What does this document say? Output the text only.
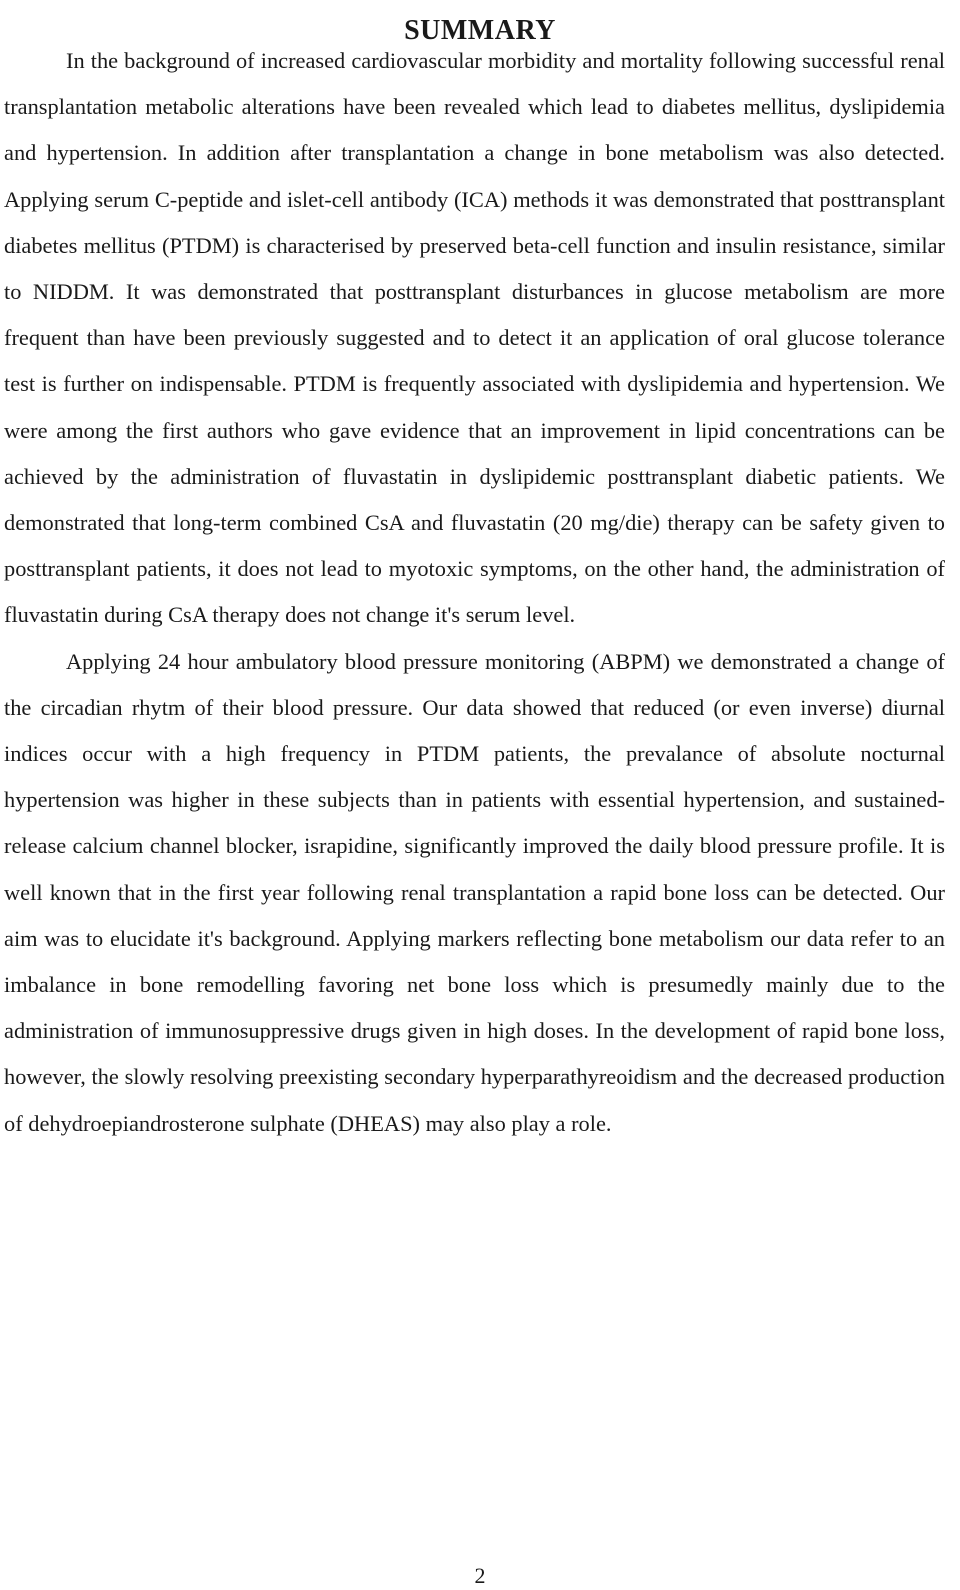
SUMMARY

In the background of increased cardiovascular morbidity and mortality following successful renal transplantation metabolic alterations have been revealed which lead to diabetes mellitus, dyslipidemia and hypertension. In addition after transplantation a change in bone metabolism was also detected. Applying serum C-peptide and islet-cell antibody (ICA) methods it was demonstrated that posttransplant diabetes mellitus (PTDM) is characterised by preserved beta-cell function and insulin resistance, similar to NIDDM. It was demonstrated that posttransplant disturbances in glucose metabolism are more frequent than have been previously suggested and to detect it an application of oral glucose tolerance test is further on indispensable. PTDM is frequently associated with dyslipidemia and hypertension. We were among the first authors who gave evidence that an improvement in lipid concentrations can be achieved by the administration of fluvastatin in dyslipidemic posttransplant diabetic patients. We demonstrated that long-term combined CsA and fluvastatin (20 mg/die) therapy can be safety given to posttransplant patients, it does not lead to myotoxic symptoms, on the other hand, the administration of fluvastatin during CsA therapy does not change it's serum level.

Applying 24 hour ambulatory blood pressure monitoring (ABPM) we demonstrated a change of the circadian rhytm of their blood pressure. Our data showed that reduced (or even inverse) diurnal indices occur with a high frequency in PTDM patients, the prevalance of absolute nocturnal hypertension was higher in these subjects than in patients with essential hypertension, and sustained-release calcium channel blocker, israpidine, significantly improved the daily blood pressure profile. It is well known that in the first year following renal transplantation a rapid bone loss can be detected. Our aim was to elucidate it's background. Applying markers reflecting bone metabolism our data refer to an imbalance in bone remodelling favoring net bone loss which is presumedly mainly due to the administration of immunosuppressive drugs given in high doses. In the development of rapid bone loss, however, the slowly resolving preexisting secondary hyperparathyreoidism and the decreased production of dehydroepiandrosterone sulphate (DHEAS) may also play a role.

2
